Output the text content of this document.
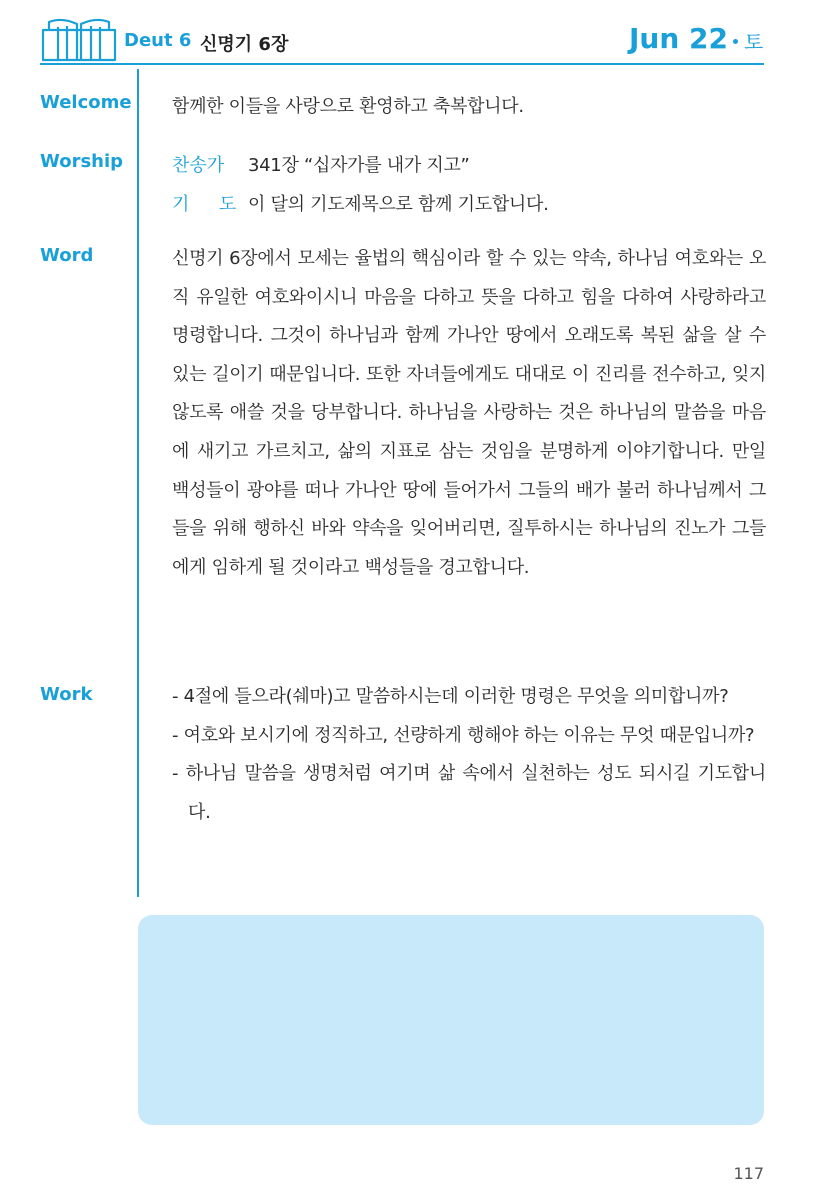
Deut 6 신명기 6장	Jun 22 토
Welcome 함께한 이들을 사랑으로 환영하고 축복합니다.
Worship	찬송가 341장 “십자가를 내가 지고”
기  도 이 달의 기도제목으로 함께 기도합니다.
Word	신명기 6장에서 모세는 율법의 핵심이라 할 수 있는 약속, 하나님 여호와는 오직 유일한 여호와이시니 마음을 다하고 뜻을 다하고 힘을 다하여 사랑하라고 명령합니다. 그것이 하나님과 함께 가나안 땅에서 오래도록 복된 삶을 살 수 있는 길이기 때문입니다. 또한 자녀들에게도 대대로 이 진리를 전수하고, 잊지 않도록 애쓸 것을 당부합니다. 하나님을 사랑하는 것은 하나님의 말씀을 마음에 새기고 가르치고, 삶의 지표로 삼는 것임을 분명하게 이야기합니다. 만일 백성들이 광야를 떠나 가나안 땅에 들어가서 그들의 배가 불러 하나님께서 그들을 위해 행하신 바와 약속을 잊어버리면, 질투하시는 하나님의 진노가 그들에게 임하게 될 것이라고 백성들을 경고합니다.
Work	- 4절에 들으라(쉐마)고 말씀하시는데 이러한 명령은 무엇을 의미합니까?
- 여호와 보시기에 정직하고, 선량하게 행해야 하는 이유는 무엇 때문입니까?
- 하나님 말씀을 생명처럼 여기며 삶 속에서 실천하는 성도 되시길 기도합니다.
117
